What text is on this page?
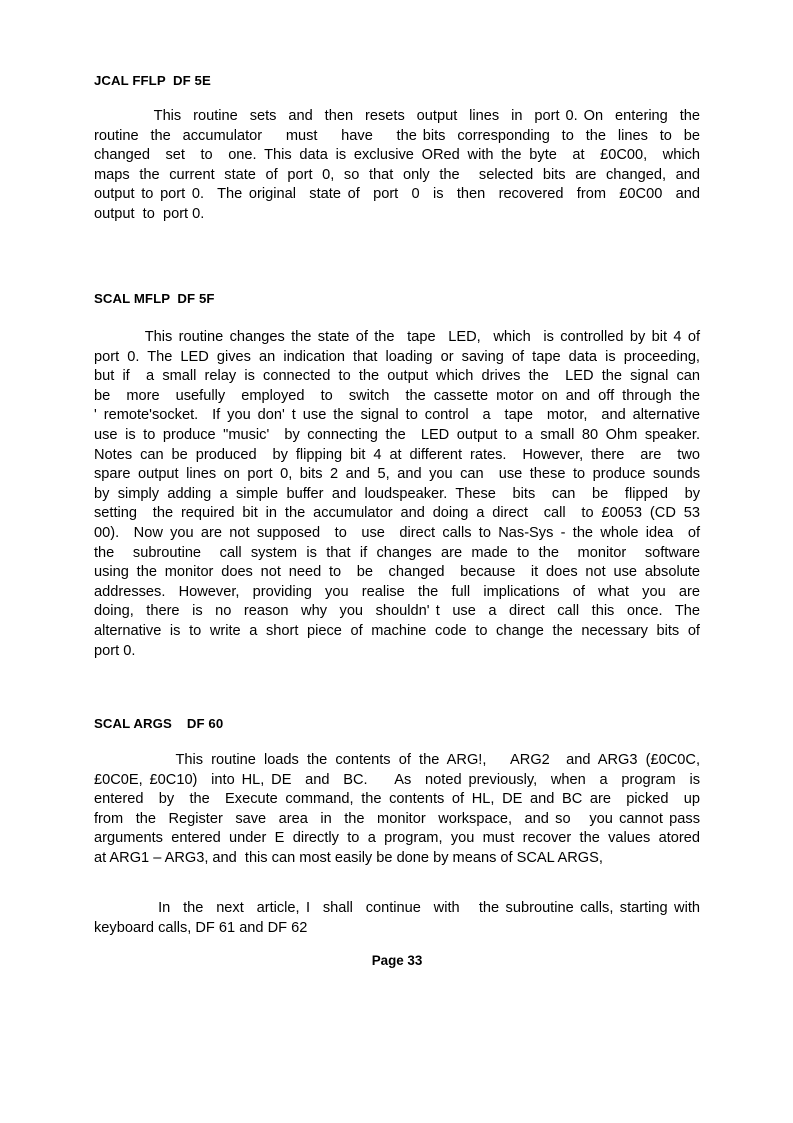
JCAL FFLP  DF 5E
This  routine  sets  and  then  resets  output  lines  in  port 0. On  entering  the
routine  the  accumulator    must    have    the bits  corresponding  to  the  lines  to  be
changed  set  to  one. This data is exclusive ORed with the byte  at  £0C00,  which
maps the current state of port 0, so that only the  selected bits are changed, and
output to port 0.  The original  state of  port  0  is  then  recovered  from  £0C00  and
output  to  port 0.
SCAL MFLP  DF 5F
This routine changes the state of the  tape  LED,  which  is controlled by bit 4 of
port 0. The LED gives an indication that loading or saving of tape data is proceeding,
but if  a small relay is connected to the output which drives the  LED the signal can
be  more  usefully  employed  to  switch  the cassette motor on and off through the
' remote'socket.  If you don' t use the signal to control  a  tape  motor,  and alternative
use is to produce "music'  by connecting the  LED output to a small 80 Ohm speaker.
Notes can be produced  by flipping bit 4 at different rates.  However, there  are  two
spare output lines on port 0, bits 2 and 5, and you can  use these to produce sounds
by simply adding a simple buffer and loudspeaker. These  bits  can  be  flipped  by
setting  the required bit in the accumulator and doing a direct  call  to £0053 (CD 53
00).  Now you are not supposed  to  use  direct calls to Nas-Sys - the whole idea  of
the  subroutine  call system is that if changes are made to the  monitor  software
using the monitor does not need to  be  changed  because  it does not use absolute
addresses.  However,  providing  you  realise  the  full  implications  of  what  you  are
doing,  there  is  no  reason  why  you  shouldn' t  use  a  direct  call  this  once.  The
alternative is to write a short piece of machine code to change the necessary bits of
port 0.
SCAL ARGS    DF 60
This routine loads the contents of the ARG!,   ARG2  and ARG3 (£0C0C,
£0C0E, £0C10)  into HL, DE  and  BC.    As  noted previously,  when  a  program  is
entered  by  the  Execute command, the contents of HL, DE and BC are  picked  up
from  the  Register  save  area  in  the  monitor  workspace,  and so   you cannot pass
arguments entered under E directly to a program, you must recover the values atored
at ARG1 – ARG3, and  this can most easily be done by means of SCAL ARGS,
In  the  next  article, I  shall  continue  with   the subroutine calls, starting with
keyboard calls, DF 61 and DF 62
Page 33
